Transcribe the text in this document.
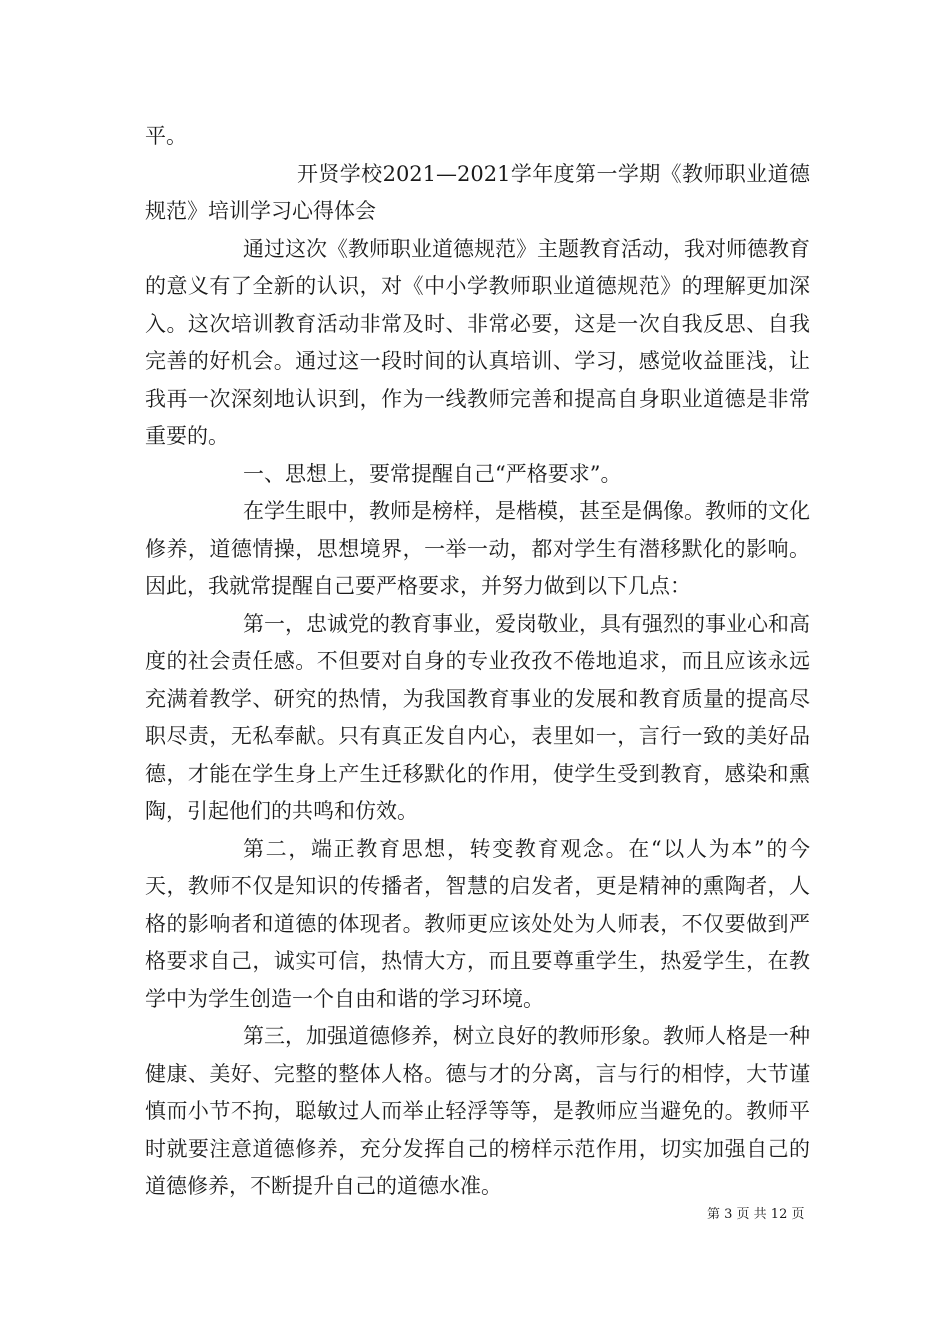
平。

开贤学校2021—2021学年度第一学期《教师职业道德规范》培训学习心得体会

通过这次《教师职业道德规范》主题教育活动，我对师德教育的意义有了全新的认识，对《中小学教师职业道德规范》的理解更加深入。这次培训教育活动非常及时、非常必要，这是一次自我反思、自我完善的好机会。通过这一段时间的认真培训、学习，感觉收益匪浅，让我再一次深刻地认识到，作为一线教师完善和提高自身职业道德是非常重要的。

一、思想上，要常提醒自己“严格要求”。

在学生眼中，教师是榜样，是楷模，甚至是偶像。教师的文化修养，道德情操，思想境界，一举一动，都对学生有潜移默化的影响。因此，我就常提醒自己要严格要求，并努力做到以下几点：

第一，忠诚党的教育事业，爱岗敬业，具有强烈的事业心和高度的社会责任感。不但要对自身的专业孜孜不倦地追求，而且应该永远充满着教学、研究的热情，为我国教育事业的发展和教育质量的提高尽职尽责，无私奉献。只有真正发自内心，表里如一，言行一致的美好品德，才能在学生身上产生迁移默化的作用，使学生受到教育，感染和熏陶，引起他们的共鸣和仿效。

第二，端正教育思想，转变教育观念。在“以人为本”的今天，教师不仅是知识的传播者，智慧的启发者，更是精神的熏陶者，人格的影响者和道德的体现者。教师更应该处处为人师表，不仅要做到严格要求自己，诚实可信，热情大方，而且要尊重学生，热爱学生，在教学中为学生创造一个自由和谐的学习环境。

第三，加强道德修养，树立良好的教师形象。教师人格是一种健康、美好、完整的整体人格。德与才的分离，言与行的相悖，大节谨慎而小节不拘，聪敏过人而举止轻浮等等，是教师应当避免的。教师平时就要注意道德修养，充分发挥自己的榜样示范作用，切实加强自己的道德修养，不断提升自己的道德水准。

第 3 页 共 12 页
